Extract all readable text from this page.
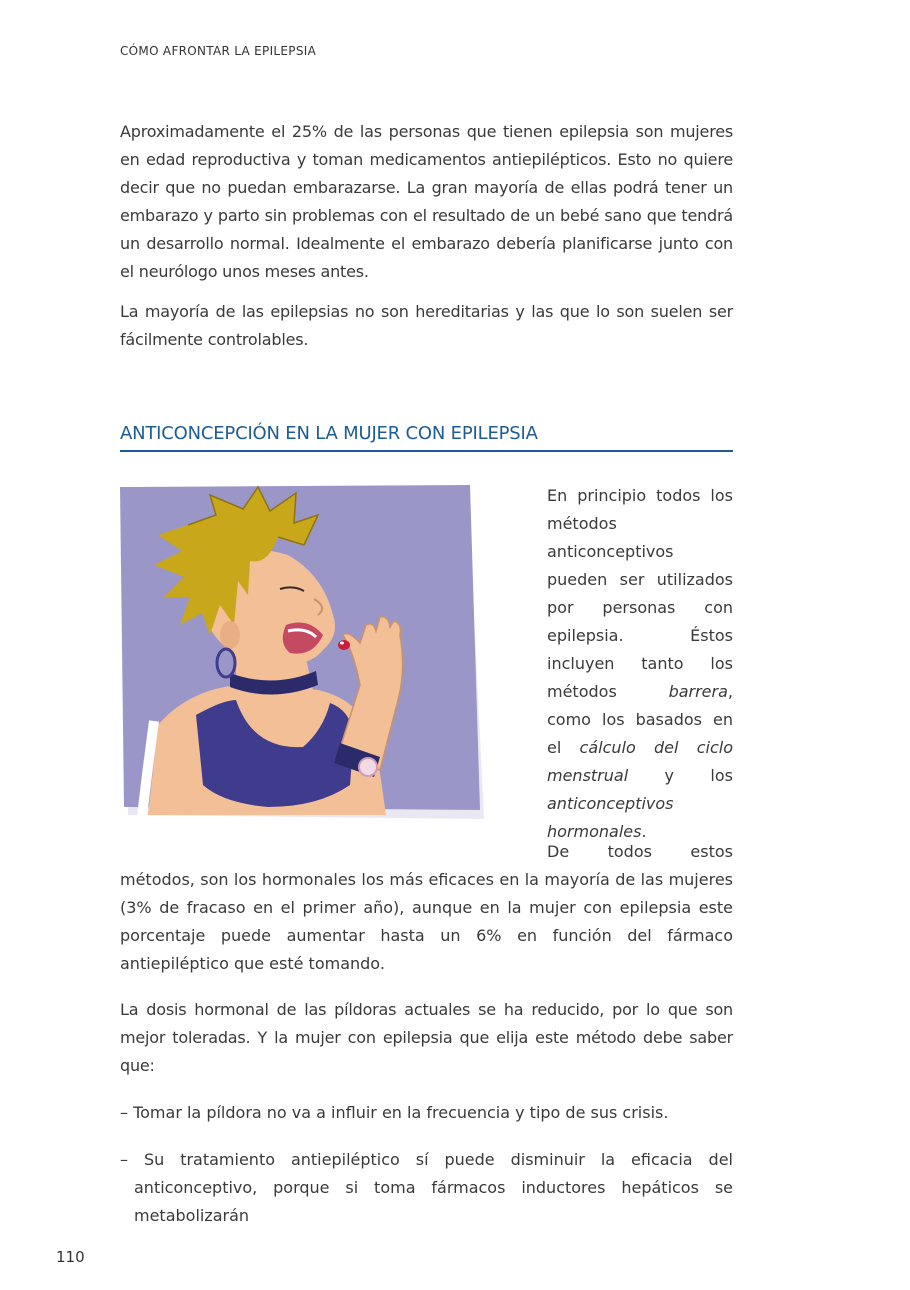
CÓMO AFRONTAR LA EPILEPSIA

Aproximadamente el 25% de las personas que tienen epilepsia son mujeres en edad reproductiva y toman medicamentos antiepilépticos. Esto no quiere decir que no puedan embarazarse. La gran mayoría de ellas podrá tener un embarazo y parto sin problemas con el resultado de un bebé sano que tendrá un desarrollo normal. Idealmente el embarazo debería planificarse junto con el neurólogo unos meses antes.

La mayoría de las epilepsias no son hereditarias y las que lo son suelen ser fácilmente controlables.

ANTICONCEPCIÓN EN LA MUJER CON EPILEPSIA

En principio todos los métodos anticonceptivos pueden ser utilizados por personas con epilepsia. Éstos incluyen tanto los métodos barrera, como los basados en el cálculo del ciclo menstrual y los anticonceptivos hormonales.

De todos estos métodos, son los hormonales los más eficaces en la mayoría de las mujeres (3% de fracaso en el primer año), aunque en la mujer con epilepsia este porcentaje puede aumentar hasta un 6% en función del fármaco antiepiléptico que esté tomando.

La dosis hormonal de las píldoras actuales se ha reducido, por lo que son mejor toleradas. Y la mujer con epilepsia que elija este método debe saber que:

– Tomar la píldora no va a influir en la frecuencia y tipo de sus crisis.
– Su tratamiento antiepiléptico sí puede disminuir la eficacia del anticonceptivo, porque si toma fármacos inductores hepáticos se metabolizarán
110
